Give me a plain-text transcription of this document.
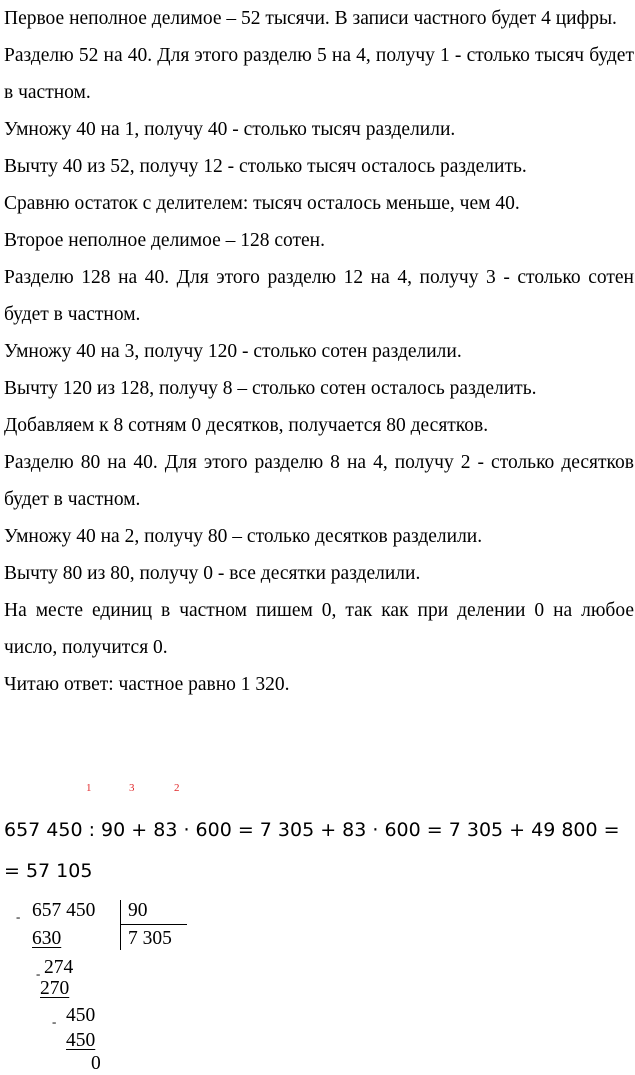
Первое неполное делимое – 52 тысячи. В записи частного будет 4 цифры.

Разделю 52 на 40. Для этого разделю 5 на 4, получу 1 - столько тысяч будет в частном.

Умножу 40 на 1, получу 40 - столько тысяч разделили.

Вычту 40 из 52, получу 12 - столько тысяч осталось разделить.

Сравню остаток с делителем: тысяч осталось меньше, чем 40.

Второе неполное делимое – 128 сотен.

Разделю 128 на 40. Для этого разделю 12 на 4, получу 3 - столько сотен будет в частном.

Умножу 40 на 3, получу 120 - столько сотен разделили.

Вычту 120 из 128, получу 8 – столько сотен осталось разделить.

Добавляем к 8 сотням 0 десятков, получается 80 десятков.

Разделю 80 на 40. Для этого разделю 8 на 4, получу 2 - столько десятков будет в частном.

Умножу 40 на 2, получу 80 – столько десятков разделили.

Вычту 80 из 80, получу 0 - все десятки разделили.

На месте единиц в частном пишем 0, так как при делении 0 на любое число, получится 0.

Читаю ответ: частное равно 1 320.

1	3	2
657 450 : 90 + 83 · 600 = 7 305 + 83 · 600 = 7 305 + 49 800 =
= 57 105
- 657 450 90
7 305
630
- 274
270
- 450
450
0
